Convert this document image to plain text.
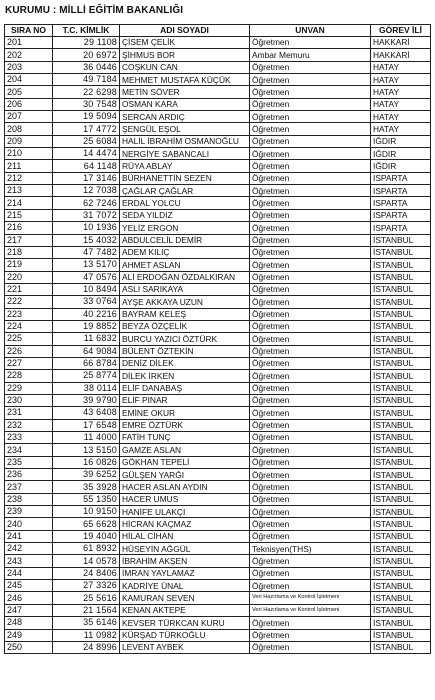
KURUMU : MİLLİ EĞİTİM BAKANLIĞI
SIRA NO	T.C. KİMLİK	ADI SOYADI	UNVAN	GÖREV İLİ
201	29 1108	ÇİSEM ÇELİK	Öğretmen	HAKKARİ
202	20 6972	ŞİHMUS BOR	Ambar Memuru	HAKKARİ
203	36 0446	COŞKUN CAN	Öğretmen	HATAY
204	49 7184	MEHMET MUSTAFA KÜÇÜK	Öğretmen	HATAY
205	22 6298	METİN SÖVER	Öğretmen	HATAY
206	30 7548	OSMAN KARA	Öğretmen	HATAY
207	19 5094	SERCAN ARDIÇ	Öğretmen	HATAY
208	17 4772	ŞENGÜL EŞOL	Öğretmen	HATAY
209	25 6084	HALİL İBRAHİM OSMANOĞLU	Öğretmen	IĞDIR
210	14 4474	NERGİYE SABANCALI	Öğretmen	IĞDIR
211	64 1148	RÜYA ABLAY	Öğretmen	IĞDIR
212	17 3146	BÜRHANETTİN SEZEN	Öğretmen	ISPARTA
213	12 7038	ÇAĞLAR ÇAĞLAR	Öğretmen	ISPARTA
214	62 7246	ERDAL YOLCU	Öğretmen	ISPARTA
215	31 7072	SEDA YILDIZ	Öğretmen	ISPARTA
216	10 1936	YELİZ ERGON	Öğretmen	ISPARTA
217	15 4032	ABDULCELİL DEMİR	Öğretmen	İSTANBUL
218	47 7482	ADEM KILIÇ	Öğretmen	İSTANBUL
219	13 5170	AHMET ASLAN	Öğretmen	İSTANBUL
220	47 0576	ALİ ERDOĞAN ÖZDALKIRAN	Öğretmen	İSTANBUL
221	10 8494	ASLI SARIKAYA	Öğretmen	İSTANBUL
222	33 0764	AYŞE AKKAYA UZUN	Öğretmen	İSTANBUL
223	40 2216	BAYRAM KELEŞ	Öğretmen	İSTANBUL
224	19 8852	BEYZA ÖZÇELİK	Öğretmen	İSTANBUL
225	11 6832	BURCU YAZICI ÖZTÜRK	Öğretmen	İSTANBUL
226	64 9084	BÜLENT ÖZTEKİN	Öğretmen	İSTANBUL
227	66 8784	DENİZ DİLEK	Öğretmen	İSTANBUL
228	25 8774	DİLEK İRKEN	Öğretmen	İSTANBUL
229	38 0114	ELİF DANABAŞ	Öğretmen	İSTANBUL
230	39 9790	ELİF PINAR	Öğretmen	İSTANBUL
231	43 6408	EMİNE OKUR	Öğretmen	İSTANBUL
232	17 6548	EMRE ÖZTÜRK	Öğretmen	İSTANBUL
233	11 4000	FATİH TUNÇ	Öğretmen	İSTANBUL
234	13 5150	GAMZE ASLAN	Öğretmen	İSTANBUL
235	16 0826	GÖKHAN TEPELİ	Öğretmen	İSTANBUL
236	39 6252	GÜLŞEN YARĞI	Öğretmen	İSTANBUL
237	35 3928	HACER ASLAN AYDIN	Öğretmen	İSTANBUL
238	55 1350	HACER UMUS	Öğretmen	İSTANBUL
239	10 9150	HANİFE ULAKÇI	Öğretmen	İSTANBUL
240	65 6628	HİCRAN KAÇMAZ	Öğretmen	İSTANBUL
241	19 4040	HİLAL CİHAN	Öğretmen	İSTANBUL
242	61 8932	HÜSEYİN AĞGÜL	Teknisyen(THS)	İSTANBUL
243	14 0578	İBRAHİM AKŞEN	Öğretmen	İSTANBUL
244	24 8406	İMRAN YAYLAMAZ	Öğretmen	İSTANBUL
245	27 3326	KADRİYE ÜNAL	Öğretmen	İSTANBUL
246	25 5616	KAMURAN SEVEN	Veri Hazırlama ve Kontrol İşletmeni	İSTANBUL
247	21 1564	KENAN AKTEPE	Veri Hazırlama ve Kontrol İşletmeni	İSTANBUL
248	35 6146	KEVSER TÜRKCAN KURU	Öğretmen	İSTANBUL
249	11 0982	KÜRŞAD TÜRKOĞLU	Öğretmen	İSTANBUL
250	24 8996	LEVENT AYBEK	Öğretmen	İSTANBUL
